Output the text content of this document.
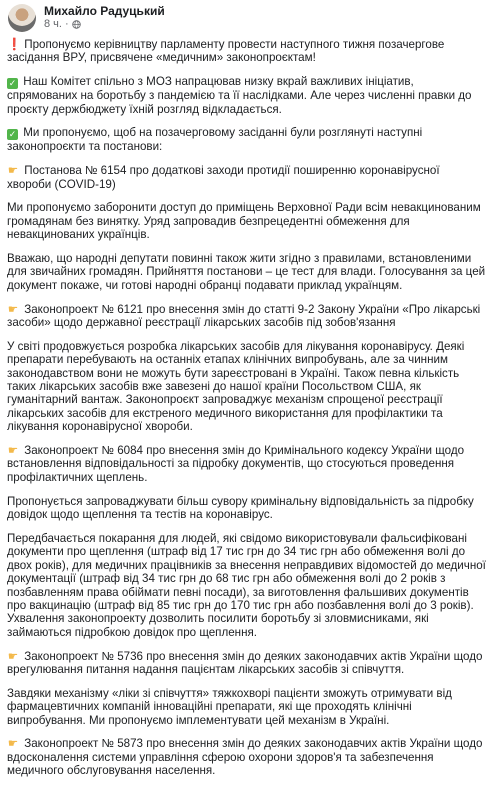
Михайло Радуцький
8 ч. ·

❗ Пропонуємо керівництву парламенту провести наступного тижня позачергове засідання ВРУ, присвячене «медичним» законопроєктам!

✓ Наш Комітет спільно з МОЗ напрацював низку вкрай важливих ініціатив, спрямованих на боротьбу з пандемією та її наслідками. Але через численні правки до проєкту держбюджету їхній розгляд відкладається.

✓ Ми пропонуємо, щоб на позачерговому засіданні були розглянуті наступні законопроєкти та постанови:

☛ Постанова № 6154 про додаткові заходи протидії поширенню коронавірусної хвороби (COVID-19)

Ми пропонуємо заборонити доступ до приміщень Верховної Ради всім невакцинованим громадянам без винятку. Уряд запровадив безпрецедентні обмеження для невакцинованих українців.

Вважаю, що народні депутати повинні також жити згідно з правилами, встановленими для звичайних громадян. Прийняття постанови – це тест для влади. Голосування за цей документ покаже, чи готові народні обранці подавати приклад українцям.

☛ Законопроект № 6121 про внесення змін до статті 9-2 Закону України «Про лікарські засоби» щодо державної реєстрації лікарських засобів під зобов'язання

У світі продовжується розробка лікарських засобів для лікування коронавірусу. Деякі препарати перебувають на останніх етапах клінічних випробувань, але за чинним законодавством вони не можуть бути зареєстровані в Україні. Також певна кількість таких лікарських засобів вже завезені до нашої країни Посольством США, як гуманітарний вантаж. Законопроєкт запроваджує механізм спрощеної реєстрації лікарських засобів для екстреного медичного використання для профілактики та лікування коронавірусної хвороби.

☛ Законопроект № 6084 про внесення змін до Кримінального кодексу України щодо встановлення відповідальності за підробку документів, що стосуються проведення профілактичних щеплень.

Пропонується запроваджувати більш сувору кримінальну відповідальність за підробку довідок щодо щеплення та тестів на коронавірус.

Передбачається покарання для людей, які свідомо використовували фальсифіковані документи про щеплення (штраф від 17 тис грн до 34 тис грн або обмеження волі до двох років), для медичних працівників за внесення неправдивих відомостей до медичної документації (штраф від 34 тис грн до 68 тис грн або обмеження волі до 2 років з позбавленням права обіймати певні посади), за виготовлення фальшивих документів про вакцинацію (штраф від 85 тис грн до 170 тис грн або позбавлення волі до 3 років). Ухвалення законопроекту дозволить посилити боротьбу зі зловмисниками, які займаються підробкою довідок про щеплення.

☛ Законопроект № 5736 про внесення змін до деяких законодавчих актів України щодо врегулювання питання надання пацієнтам лікарських засобів зі співчуття.

Завдяки механізму «ліки зі співчуття» тяжкохворі пацієнти зможуть отримувати від фармацевтичних компаній інноваційні препарати, які ще проходять клінічні випробування. Ми пропонуємо імплементувати цей механізм в Україні.

☛ Законопроект № 5873 про внесення змін до деяких законодавчих актів України щодо вдосконалення системи управління сферою охорони здоров'я та забезпечення медичного обслуговування населення.
